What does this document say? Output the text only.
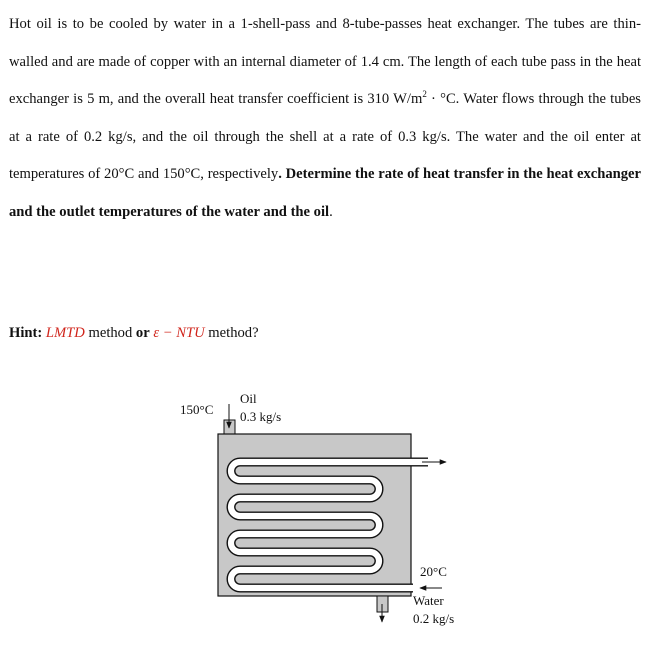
Hot oil is to be cooled by water in a 1-shell-pass and 8-tube-passes heat exchanger. The tubes are thin-walled and are made of copper with an internal diameter of 1.4 cm. The length of each tube pass in the heat exchanger is 5 m, and the overall heat transfer coefficient is 310 $W/m^2 \cdot ^\circ C$. Water flows through the tubes at a rate of 0.2 kg/s, and the oil through the shell at a rate of 0.3 kg/s. The water and the oil enter at temperatures of 20°C and 150°C, respectively. Determine the rate of heat transfer in the heat exchanger and the outlet temperatures of the water and the oil.

Hint: LMTD method or ε − NTU method?

150°C
Oil
0.3 kg/s
20°C
Water
0.2 kg/s
